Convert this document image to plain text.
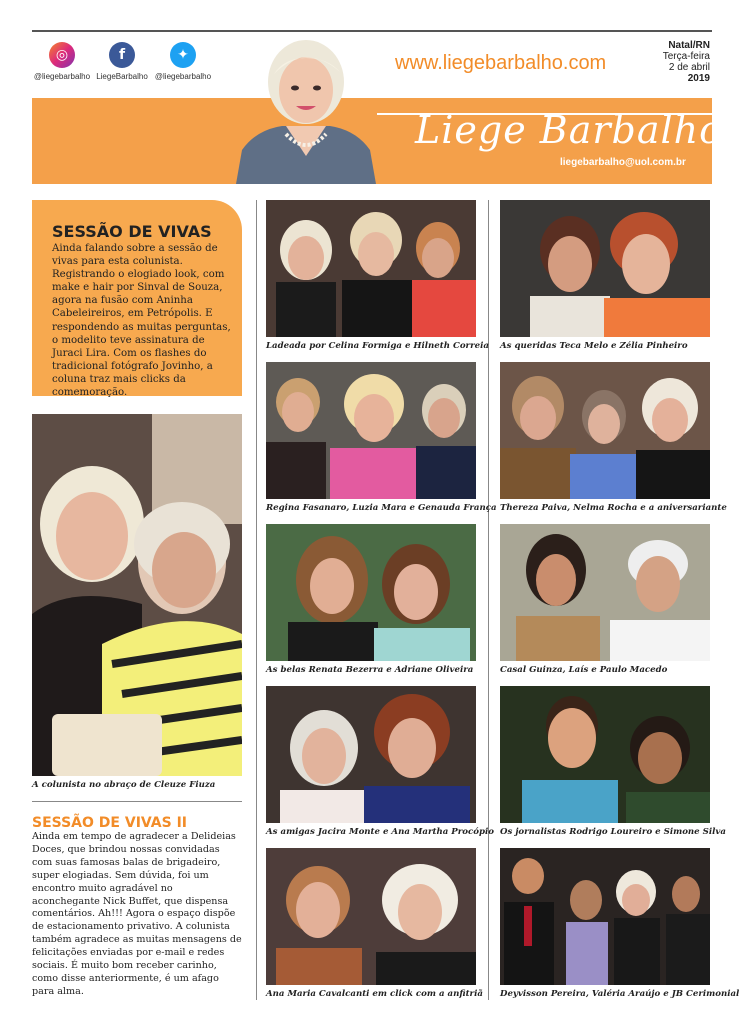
◎
@liegebarbalho
f
LiegeBarbalho
✦
@liegebarbalho
www.liegebarbalho.com
Natal/RN
Terça-feira
2 de abril
2019
Liege Barbalho
liegebarbalho@uol.com.br
SESSÃO DE VIVAS

Ainda falando sobre a sessão de vivas para esta colunista. Registrando o elogiado look, com make e hair por Sinval de Souza, agora na fusão com Aninha Cabeleireiros, em Petrópolis. E respondendo as muitas perguntas, o modelito teve assinatura de Juraci Lira. Com os flashes do tradicional fotógrafo Jovinho, a coluna traz mais clicks da comemoração.

A colunista no abraço de Cleuze Fiuza
SESSÃO DE VIVAS II

Ainda em tempo de agradecer a Delideias Doces, que brindou nossas convidadas com suas famosas balas de brigadeiro, super elogiadas. Sem dúvida, foi um encontro muito agradável no aconchegante Nick Buffet, que dispensa comentários. Ah!!! Agora o espaço dispõe de estacionamento privativo. A colunista também agradece as muitas mensagens de felicitações enviadas por e-mail e redes sociais. É muito bom receber carinho, como disse anteriormente, é um afago para alma.

Ladeada por Celina Formiga e Hilneth Correia As queridas Teca Melo e Zélia Pinheiro
Regina Fasanaro, Luzia Mara e Genauda França Thereza Paiva, Nelma Rocha e a aniversariante
As belas Renata Bezerra e Adriane Oliveira	Casal Guinza, Laís e Paulo Macedo
As amigas Jacira Monte e Ana Martha Procópio Os jornalistas Rodrigo Loureiro e Simone Silva
Ana Maria Cavalcanti em click com a anfitriã Deyvisson Pereira, Valéria Araújo e JB Cerimonial
